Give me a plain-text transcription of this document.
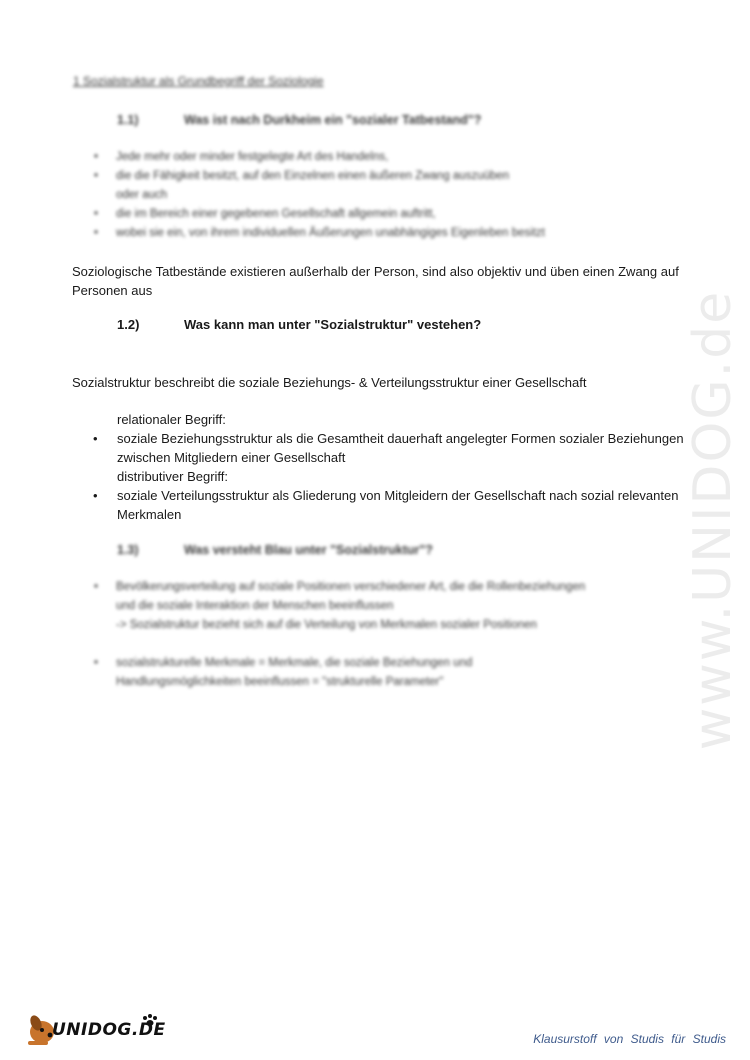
www.UNIDOG.de
1 Sozialstruktur als Grundbegriff der Soziologie
1.1)	Was ist nach Durkheim ein "sozialer Tatbestand"?
• Jede mehr oder minder festgelegte Art des Handelns,
• die die Fähigkeit besitzt, auf den Einzelnen einen äußeren Zwang auszuüben
oder auch
• die im Bereich einer gegebenen Gesellschaft allgemein auftritt,
• wobei sie ein, von ihrem individuellen Äußerungen unabhängiges Eigenleben besitzt
Soziologische Tatbestände existieren außerhalb der Person, sind also objektiv und üben einen Zwang auf Personen aus
1.2)	Was kann man unter "Sozialstruktur" vestehen?
Sozialstruktur beschreibt die soziale Beziehungs- & Verteilungsstruktur einer Gesellschaft
relationaler Begriff:
• soziale Beziehungsstruktur als die Gesamtheit dauerhaft angelegter Formen sozialer Beziehungen zwischen Mitgliedern einer Gesellschaft
distributiver Begriff:
• soziale Verteilungsstruktur als Gliederung von Mitgleidern der Gesellschaft nach sozial relevanten Merkmalen
1.3)	Was versteht Blau unter "Sozialstruktur"?
• Bevölkerungsverteilung auf soziale Positionen verschiedener Art, die die Rollenbeziehungen
und die soziale Interaktion der Menschen beeinflussen
-> Sozialstruktur bezieht sich auf die Verteilung von Merkmalen sozialer Positionen
• sozialstrukturelle Merkmale = Merkmale, die soziale Beziehungen und
Handlungsmöglichkeiten beeinflussen = "strukturelle Parameter"
UNIDOG.DE	Klausurstoff von Studis für Studis
